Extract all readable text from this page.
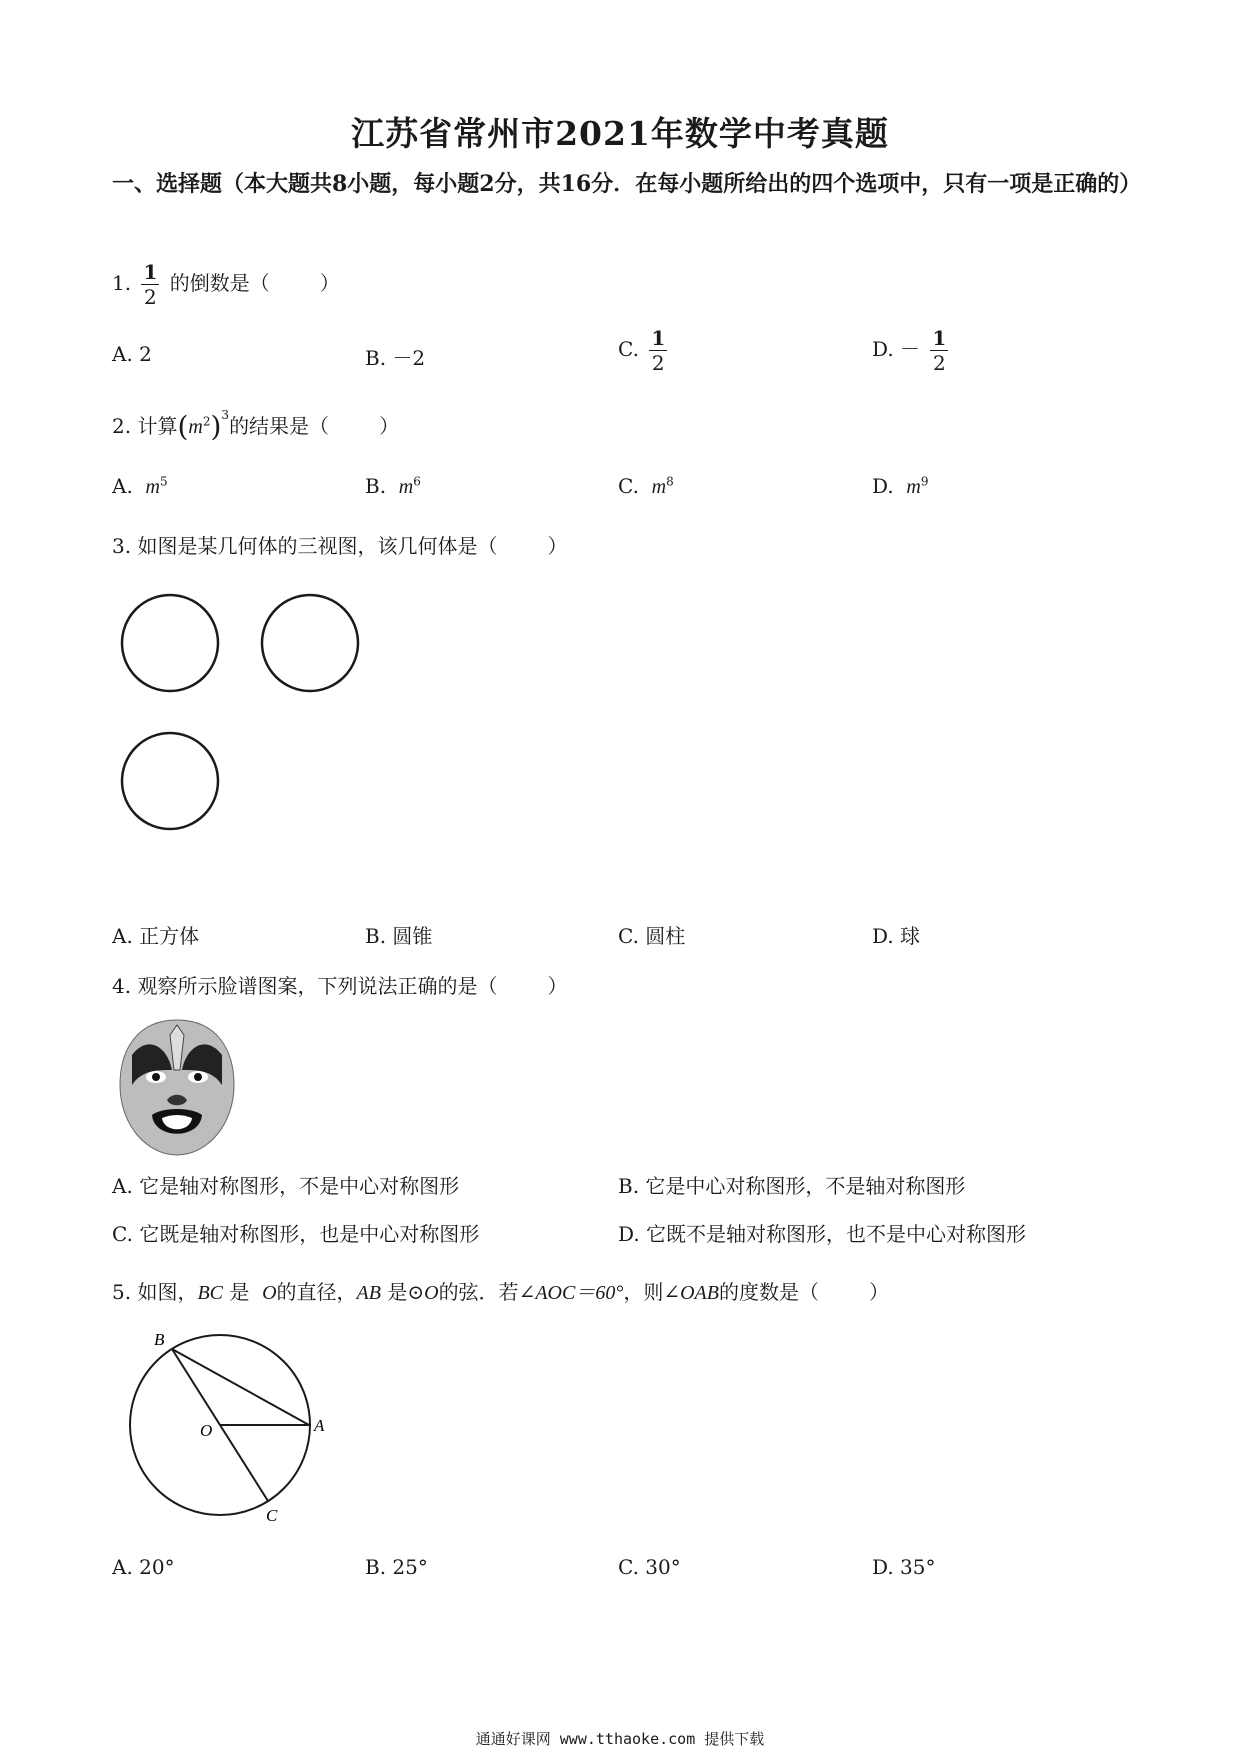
江苏省常州市2021年数学中考真题
一、选择题（本大题共8小题，每小题2分，共16分．在每小题所给出的四个选项中，只有一项是正确的）
1. $\frac{1}{2}$ 的倒数是（	）
A. 2	B. －2	C. $\frac{1}{2}$	D. － $\frac{1}{2}$
2. 计算$(m^2)^3$的结果是（	）
A. $m^5$	B. $m^6$	C. $m^8$	D. $m^9$
3. 如图是某几何体的三视图，该几何体是（	）
A. 正方体	B. 圆锥	C. 圆柱	D. 球
4. 观察所示脸谱图案，下列说法正确的是（	）
A. 它是轴对称图形，不是中心对称图形	B. 它是中心对称图形，不是轴对称图形
C. 它既是轴对称图形，也是中心对称图形	D. 它既不是轴对称图形，也不是中心对称图形
5. 如图，BC 是 O的直径，AB 是⊙O的弦．若∠AOC＝60°，则∠OAB的度数是（	）
B
A
O
C
A. 20°	B. 25°	C. 30°	D. 35°
通通好课网 www.tthaoke.com 提供下载
